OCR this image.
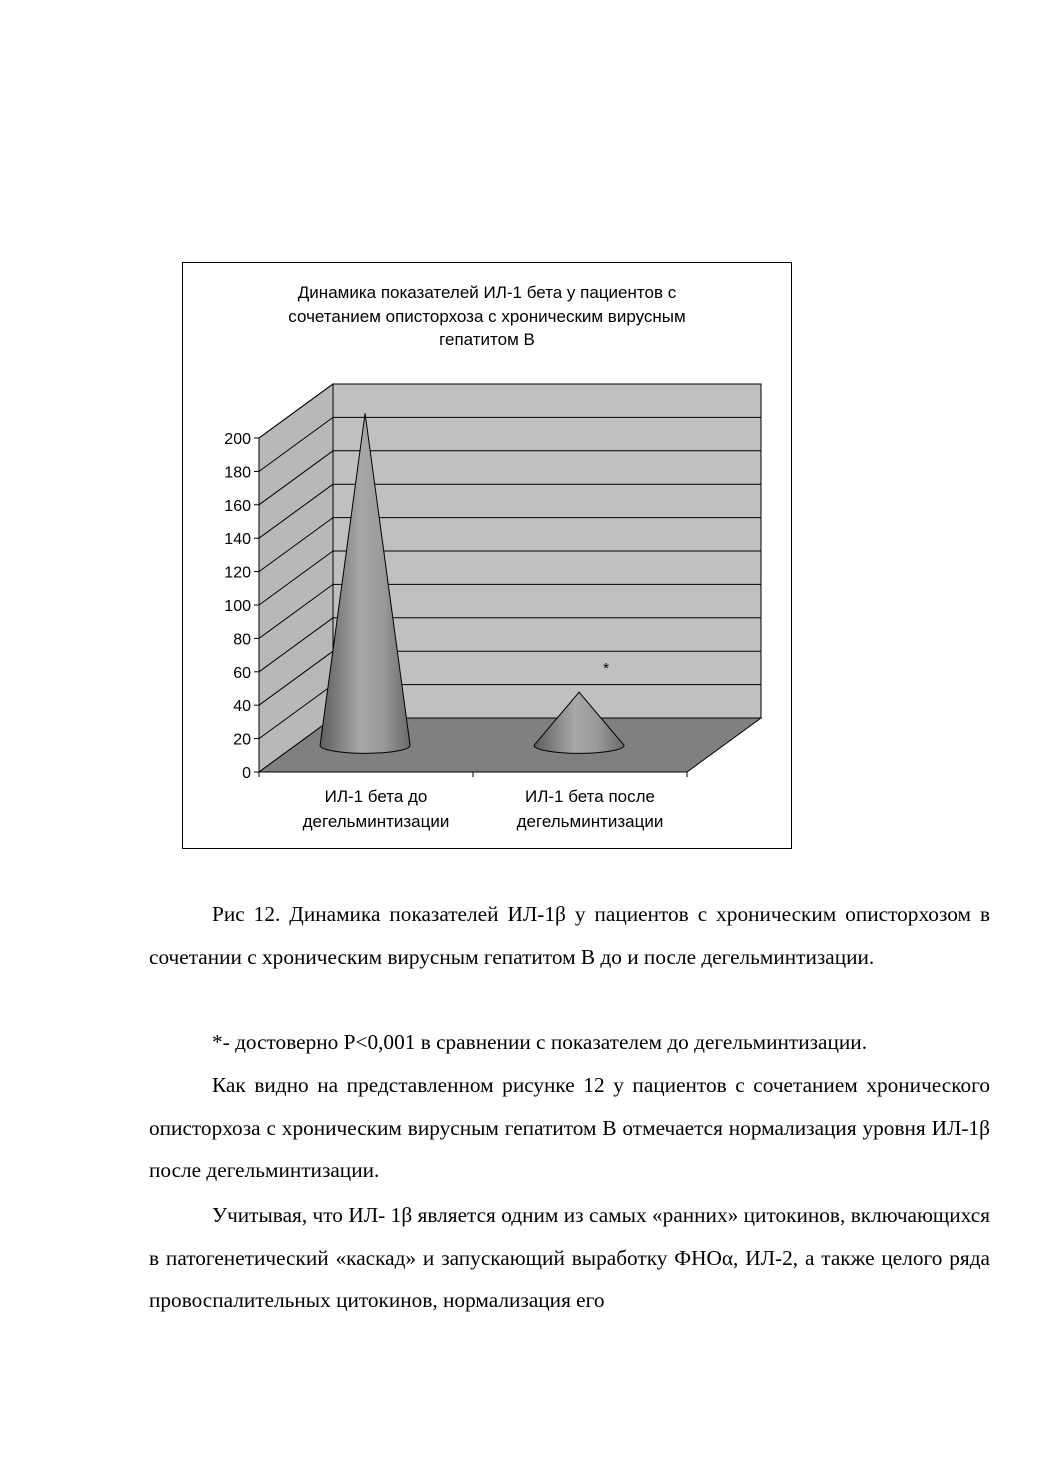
0
20
40
60
80
100
120
140
160
180
200
ИЛ-1 бета до
дегельминтизации
ИЛ-1 бета после
дегельминтизации
*
Динамика показателей ИЛ-1 бета у пациентов с
сочетанием описторхоза с хроническим вирусным
гепатитом В

Рис 12. Динамика показателей ИЛ-1β у пациентов с хроническим описторхозом в сочетании с хроническим вирусным гепатитом В до и после дегельминтизации.

*- достоверно Р<0,001 в сравнении с показателем до дегельминтизации.

Как видно на представленном рисунке 12 у пациентов с сочетанием хронического описторхоза с хроническим вирусным гепатитом В отмечается нормализация уровня ИЛ-1β после дегельминтизации.

Учитывая, что ИЛ- 1β является одним из самых «ранних» цитокинов, включающихся в патогенетический «каскад» и запускающий выработку ФНОα, ИЛ-2, а также целого ряда провоспалительных цитокинов, нормализация его
